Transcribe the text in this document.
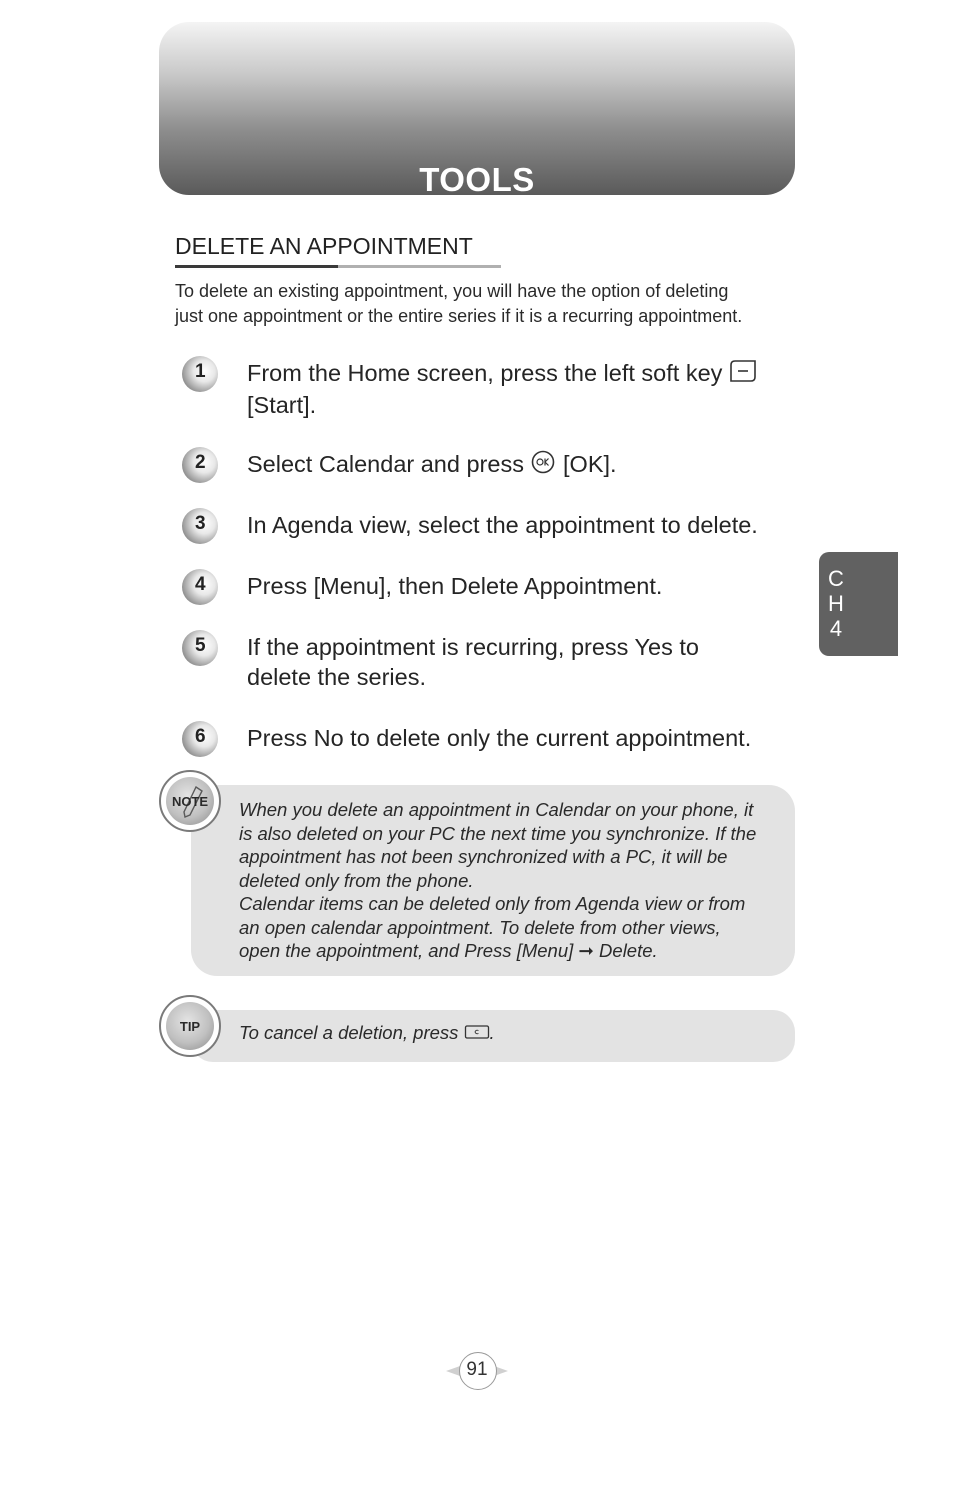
TOOLS
DELETE AN APPOINTMENT
To delete an existing appointment, you will have the option of deleting
just one appointment or the entire series if it is a recurring appointment.
1 From the Home screen, press the left soft key
[Start].
2 Select Calendar and press [OK].
3 In Agenda view, select the appointment to delete.
4 Press [Menu], then Delete Appointment.
5 If the appointment is recurring, press Yes to
delete the series.
6 Press No to delete only the current appointment.
C
H
4
NOTE	When you delete an appointment in Calendar on your phone, it

is also deleted on your PC the next time you synchronize. If the

appointment has not been synchronized with a PC, it will be

deleted only from the phone.

Calendar items can be deleted only from Agenda view or from

an open calendar appointment. To delete from other views,

open the appointment, and Press [Menu] ➞ Delete.

TIP	To cancel a deletion, press .
91
